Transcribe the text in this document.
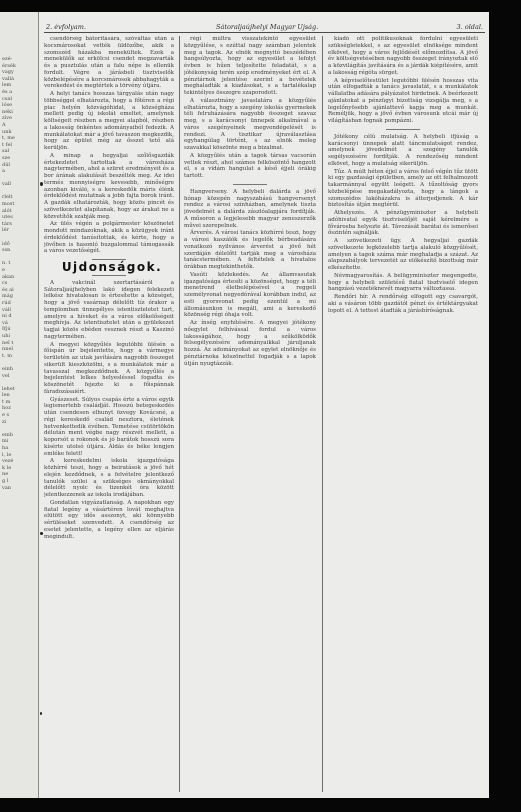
ezé-
érsék
vagy
vallá
lem
és a
csal
lóse
néki
zíve
A
unk
t, me
t fel
sal
sze
dül
a

vall

rlelt
most
alót
utes
társ
lér

idő
ssn

n. t
e
akan
cs
és al
mág
rúd
váll
ni d
vá
Ifjú
uhi
nel t
nnel
t. m

einh
vel

lehet
len
t m
hoz
e s
zi

emb
mi
ha
l, le
vezé
k le
ne
g l
van
2. évfolyam.	Sátoraljaújhelyi Magyar Ujság.	3. oldal.

csendőrség bátorítására, szóváltás után a kocsmárosokat vették üldözőbe, akik a szomszéd házakba menekültek. Ezek a menekülők az erkölcsi csendet megzavarták és a pusztulás után a falu népe is ellenük fordult. Végre a járásbeli tisztviselők közbelépésére a korcsmárosok abbahagyták a verekedést és megtértek a törvény útjára.

A helyi tanács hosszas tárgyalás után nagy többséggel elhatározta, hogy a főtéren a régi piac helyén közvágóhidat, a községháza mellett pedig új iskolát emeltet, amelynek költségeit részben a megyei alapból, részben a lakosság önkéntes adományaiból fedezik. A munkálatokat már a jövő tavaszon megkezdik, hogy az épület még az ősszel tető alá kerüljön.

A minap a hegyaljai szőlősgazdák értekezletet tartottak a városháza nagytermében, ahol a szüret eredményeit és a bor árának alakulását beszélték meg. Az idei termés mennyiségre kevesebb, minőségre azonban kiváló, s a kereskedők máris élénk érdeklődést mutatnak a jobb fajta borok iránt. A gazdák elhatározták, hogy közös pincét és szövetkezetet alapítanak, hogy az árakat ne a közvetítők szabják meg.

Az ülés végén a polgármester köszönetet mondott mindazoknak, akik a közügyek iránt érdeklődést tanúsítottak, és kérte, hogy a jövőben is hasonló buzgalommal támogassák a város vezetőségét.

Ujdonságok.

A vakcinál szertartásáról a Sátoraljaújhelyben lakó idegen felekezeti lelkész hivatalosan is értesítette a községet, hogy a jövő vasárnap délelőtt tíz órakor a templomban ünnepélyes istentiszteletet tart, amelyre a híveket és a város előkelőségeit meghívja. Az istentisztelet után a gyülekezet tagjai közös ebéden vesznek részt a Kaszinó nagytermében.

A megyei közgyűlés legutóbbi ülésén a főispán úr bejelentette, hogy a vármegye területén az utak javítására nagyobb összeget sikerült kieszközölni, s a munkálatok már a tavasszal megkezdődnek. A közgyűlés a bejelentést lelkes helyesléssel fogadta és köszönetét fejezte ki a főispánnak fáradozásaiért.

Gyászeset. Súlyos csapás érte a város egyik legismertebb családját. Hosszú betegeskedés után csendesen elhunyt özvegy Kovácsné, a régi kereskedő család nesztora, életének hetvenkettedik évében. Temetése csütörtökön délután ment végbe nagy részvét mellett, a koporsót a rokonok és jó barátok hosszú sora kísérte utolsó útjára. Áldás és béke lengjen emléke felett!

A kereskedelmi iskola igazgatósága közhírré teszi, hogy a beiratások a jövő hét elején kezdődnek, s a felvételre jelentkező tanulók szülei a szükséges okmányokkal délelőtt nyolc és tizenkét óra között jelentkezzenek az iskola irodájában.

Gondatlan vigyázatlanság. A napokban egy fiatal legény a vásártéren lovát meghajtva elütött egy idős asszonyt, aki könnyebb sérüléseket szenvedett. A csendőrség az esetet jelentette, a legény ellen az eljárás megindult.

régi múltra visszatekintő egyesület közgyűlése, s ezúttal nagy számban jelentek meg a tagok. Az elnök megnyitó beszédében hangsúlyozta, hogy az egyesület a lefolyt évben is hűen teljesítette feladatát, s a jótékonyság terén szép eredményeket ért el. A pénztárnok jelentése szerint a bevételek meghaladták a kiadásokat, s a tartalékalap tekintélyes összegre szaporodott.

A választmány javaslatára a közgyűlés elhatározta, hogy a szegény iskolás gyermekek téli felruházására nagyobb összeget szavaz meg, s a karácsonyi ünnepek alkalmával a város szegényeinek megvendégelését is rendezi. A tisztikar újraválasztása egyhangúlag történt, s az elnök meleg szavakkal köszönte meg a bizalmat.

A közgyűlés után a tagok társas vacsorán vettek részt, ahol számos felköszöntő hangzott el, s a vidám hangulat a késő éjjeli órákig tartott.

Hangverseny. A helybeli dalárda a jövő hónap közepén nagyszabású hangversenyt rendez a városi színházban, amelynek tiszta jövedelmét a dalárda zászlóalapjára fordítják. A műsoron a legjelesebb magyar zeneszerzők művei szerepelnek.

Árverés. A városi tanács közhírré teszi, hogy a városi kaszálók és legelők bérbeadására vonatkozó nyilvános árverést a jövő hét szerdáján délelőtt tartják meg a városháza tanácstermében. A feltételek a hivatalos órákban megtekinthetők.

Vasúti közlekedés. Az államvasutak igazgatósága értesíti a közönséget, hogy a téli menetrend életbelépésével a reggeli személyvonat negyedórával korábban indul, az esti gyorsvonat pedig ezentúl a mi állomásunkon is megáll, ami a kereskedő közönség régi óhaja volt.

Az ínség enyhítésére. A megyei jótékony nőegylet felhívással fordul a város lakosságához, hogy a szűkölködők felsegélyezésére adományaikkal járuljanak hozzá. Az adományokat az egylet elnöknője és pénztárnoka köszönettel fogadják s a lapok útján nyugtázzák.

kiadó ott politikusoknak fordulni egyesületi szükségletekkel, s az egyesület elnöksége mindent elkövet, hogy a város fejlődését előmozdítsa. A jövő év költségvetésében nagyobb összeget irányoztak elő a közvilágítás javítására és a járdák kiépítésére, amit a lakosság régóta sürget.

A képviselőtestület legutóbbi ülésén hosszas vita után elfogadták a tanács javaslatát, s a munkálatok vállalatba adására pályázatot hirdetnek. A beérkezett ajánlatokat a pénzügyi bizottság vizsgálja meg, s a legelőnyösebb ajánlattevő kapja meg a munkát. Reméljük, hogy a jövő évben városunk utcái már új világításban fognak pompázni.

Jótékony célú mulatság. A helybeli ifjúság a karácsonyi ünnepek alatt táncmulatságot rendez, amelynek jövedelmét a szegény tanulók segélyezésére fordítják. A rendezőség mindent elkövet, hogy a mulatság sikerüljön.

Tűz. A múlt héten éjjel a város felső végén tűz ütött ki egy gazdasági épületben, amely az ott felhalmozott takarmánnyal együtt leégett. A tűzoltóság gyors közbelépése megakadályozta, hogy a lángok a szomszédos lakóházakra is átterjedjenek. A kár biztosítás útján megtérül.

Áthelyezés. A pénzügyminiszter a helybeli adóhivatal egyik tisztviselőjét saját kérelmére a fővárosba helyezte át. Távozását barátai és ismerősei őszintén sajnálják.

A szövetkezeti ügy. A hegyaljai gazdák szövetkezete legközelebb tartja alakuló közgyűlését, amelyen a tagok száma már meghaladja a százat. Az alapszabályok tervezetét az előkészítő bizottság már elkészítette.

Névmagyarosítás. A belügyminiszter megengedte, hogy a helybeli születésű fiatal tisztviselő idegen hangzású vezetéknevét magyarra változtassa.

Rendőri hír. A rendőrség elfogott egy csavargót, aki a vásáron több gazdától pénzt és értéktárgyakat lopott el. A tettest átadták a járásbíróságnak.
